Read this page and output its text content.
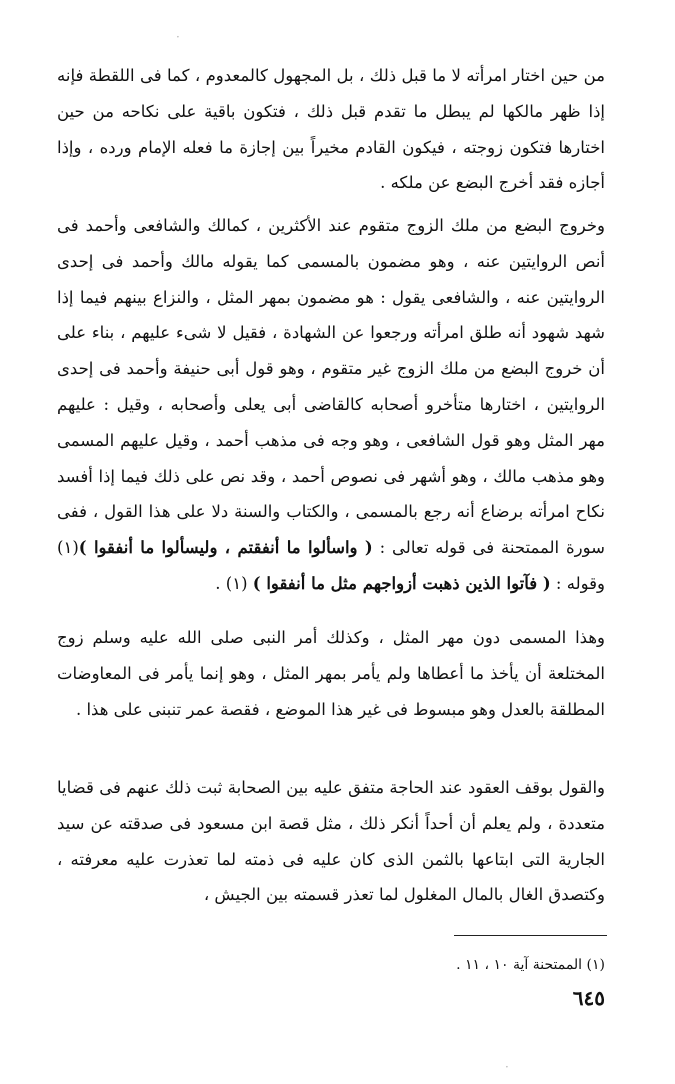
·

من حين اختار امرأته لا ما قبل ذلك ، بل المجهول كالمعدوم ، كما فى اللقطة فإنه إذا ظهر مالكها لم يبطل ما تقدم قبل ذلك ، فتكون باقية على نكاحه من حين اختارها فتكون زوجته ، فيكون القادم مخيراً بين إجازة ما فعله الإمام ورده ، وإذا أجازه فقد أخرج البضع عن ملكه .

وخروج البضع من ملك الزوج متقوم عند الأكثرين ، كمالك والشافعى وأحمد فى أنص الروايتين عنه ، وهو مضمون بالمسمى كما يقوله مالك وأحمد فى إحدى الروايتين عنه ، والشافعى يقول : هو مضمون بمهر المثل ، والنزاع بينهم فيما إذا شهد شهود أنه طلق امرأته ورجعوا عن الشهادة ، فقيل لا شىء عليهم ، بناء على أن خروج البضع من ملك الزوج غير متقوم ، وهو قول أبى حنيفة وأحمد فى إحدى الروايتين ، اختارها متأخرو أصحابه كالقاضى أبى يعلى وأصحابه ، وقيل : عليهم مهر المثل وهو قول الشافعى ، وهو وجه فى مذهب أحمد ، وقيل عليهم المسمى وهو مذهب مالك ، وهو أشهر فى نصوص أحمد ، وقد نص على ذلك فيما إذا أفسد نكاح امرأته برضاع أنه رجع بالمسمى ، والكتاب والسنة دلا على هذا القول ، ففى سورة الممتحنة فى قوله تعالى : ( واسألوا ما أنفقتم ، وليسألوا ما أنفقوا )(١) وقوله : ( فآتوا الذين ذهبت أزواجهم مثل ما أنفقوا ) (١) .

وهذا المسمى دون مهر المثل ، وكذلك أمر النبى صلى الله عليه وسلم زوج المختلعة أن يأخذ ما أعطاها ولم يأمر بمهر المثل ، وهو إنما يأمر فى المعاوضات المطلقة بالعدل وهو مبسوط فى غير هذا الموضع ، فقصة عمر تنبنى على هذا .

والقول بوقف العقود عند الحاجة متفق عليه بين الصحابة ثبت ذلك عنهم فى قضايا متعددة ، ولم يعلم أن أحداً أنكر ذلك ، مثل قصة ابن مسعود فى صدقته عن سيد الجارية التى ابتاعها بالثمن الذى كان عليه فى ذمته لما تعذرت عليه معرفته ، وكتصدق الغال بالمال المغلول لما تعذر قسمته بين الجيش ،

(١) الممتحنة آية ١٠ ، ١١ .
٦٤٥
·
